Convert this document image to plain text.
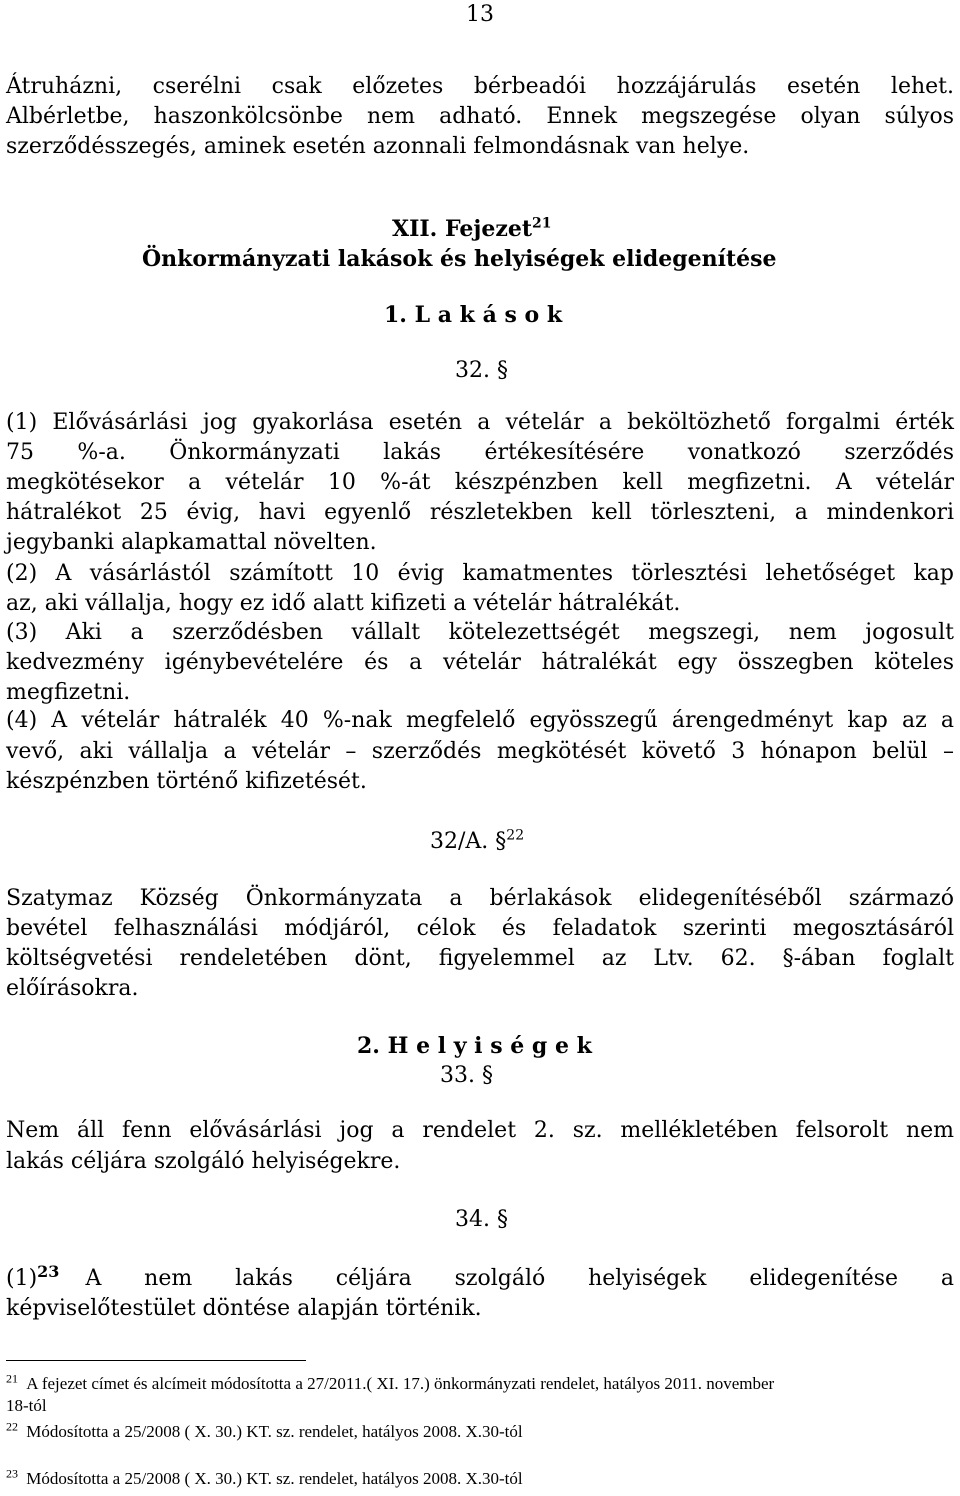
13
Átruházni, cserélni csak előzetes bérbeadói hozzájárulás esetén lehet.
Albérletbe, haszonkölcsönbe nem adható. Ennek megszegése olyan súlyos
szerződésszegés, aminek esetén azonnali felmondásnak van helye.
XII. Fejezet$^{21}$
Önkormányzati lakások és helyiségek elidegenítése
1. L a k á s o k
32. §
(1) Elővásárlási jog gyakorlása esetén a vételár a beköltözhető forgalmi érték
75 %-a. Önkormányzati lakás értékesítésére vonatkozó szerződés
megkötésekor a vételár 10 %-át készpénzben kell megfizetni. A vételár
hátralékot 25 évig, havi egyenlő részletekben kell törleszteni, a mindenkori
jegybanki alapkamattal növelten.
(2) A vásárlástól számított 10 évig kamatmentes törlesztési lehetőséget kap
az, aki vállalja, hogy ez idő alatt kifizeti a vételár hátralékát.
(3) Aki a szerződésben vállalt kötelezettségét megszegi, nem jogosult
kedvezmény igénybevételére és a vételár hátralékát egy összegben köteles
megfizetni.
(4) A vételár hátralék 40 %-nak megfelelő egyösszegű árengedményt kap az a
vevő, aki vállalja a vételár – szerződés megkötését követő 3 hónapon belül –
készpénzben történő kifizetését.
32/A. §$^{22}$
Szatymaz Község Önkormányzata a bérlakások elidegenítéséből származó
bevétel felhasználási módjáról, célok és feladatok szerinti megosztásáról
költségvetési rendeletében dönt, figyelemmel az Ltv. 62. §-ában foglalt
előírásokra.
2. H e l y i s é g e k
33. §
Nem áll fenn elővásárlási jog a rendelet 2. sz. mellékletében felsorolt nem
lakás céljára szolgáló helyiségekre.
34. §
(1) 23 A nem lakás céljára szolgáló helyiségek elidegenítése a
képviselőtestület döntése alapján történik.
$^{21}$ A fejezet címet és alcímeit módosította a 27/2011.( XI. 17.) önkormányzati rendelet, hatályos 2011. november
18-tól
$^{22}$ Módosította a 25/2008 ( X. 30.) KT. sz. rendelet, hatályos 2008. X.30-tól
$^{23}$ Módosította a 25/2008 ( X. 30.) KT. sz. rendelet, hatályos 2008. X.30-tól
